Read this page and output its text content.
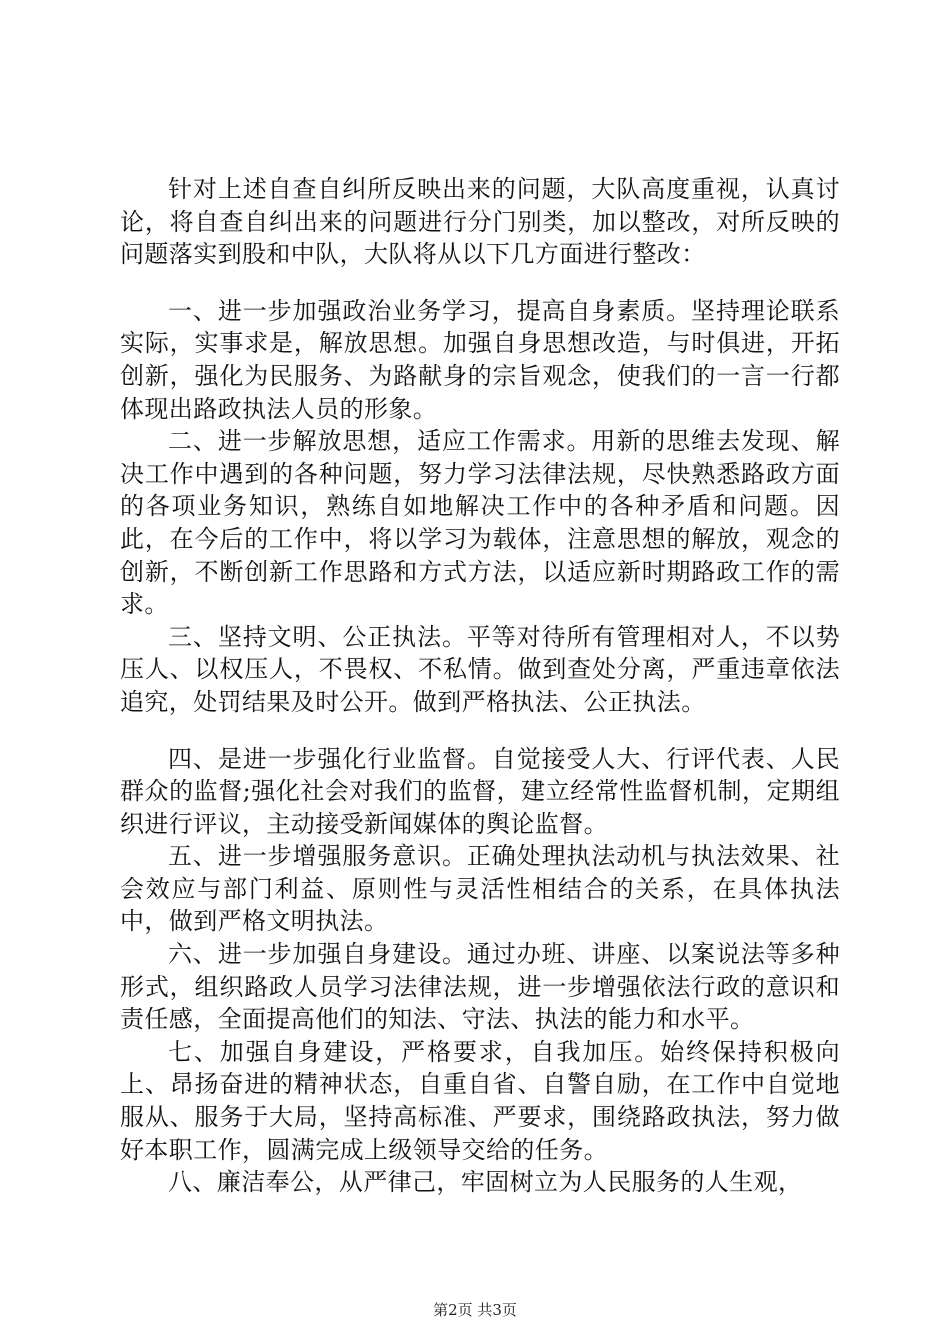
针对上述自查自纠所反映出来的问题，大队高度重视，认真讨论，将自查自纠出来的问题进行分门别类，加以整改，对所反映的问题落实到股和中队，大队将从以下几方面进行整改：

一、进一步加强政治业务学习，提高自身素质。坚持理论联系实际，实事求是，解放思想。加强自身思想改造，与时俱进，开拓创新，强化为民服务、为路献身的宗旨观念，使我们的一言一行都体现出路政执法人员的形象。

二、进一步解放思想，适应工作需求。用新的思维去发现、解决工作中遇到的各种问题，努力学习法律法规，尽快熟悉路政方面的各项业务知识，熟练自如地解决工作中的各种矛盾和问题。因此，在今后的工作中，将以学习为载体，注意思想的解放，观念的创新，不断创新工作思路和方式方法，以适应新时期路政工作的需求。

三、坚持文明、公正执法。平等对待所有管理相对人，不以势压人、以权压人，不畏权、不私情。做到查处分离，严重违章依法追究，处罚结果及时公开。做到严格执法、公正执法。

四、是进一步强化行业监督。自觉接受人大、行评代表、人民群众的监督;强化社会对我们的监督，建立经常性监督机制，定期组织进行评议，主动接受新闻媒体的舆论监督。

五、进一步增强服务意识。正确处理执法动机与执法效果、社会效应与部门利益、原则性与灵活性相结合的关系，在具体执法中，做到严格文明执法。

六、进一步加强自身建设。通过办班、讲座、以案说法等多种形式，组织路政人员学习法律法规，进一步增强依法行政的意识和责任感，全面提高他们的知法、守法、执法的能力和水平。

七、加强自身建设，严格要求，自我加压。始终保持积极向上、昂扬奋进的精神状态，自重自省、自警自励，在工作中自觉地服从、服务于大局，坚持高标准、严要求，围绕路政执法，努力做好本职工作，圆满完成上级领导交给的任务。

八、廉洁奉公，从严律己，牢固树立为人民服务的人生观，

第2页 共3页
